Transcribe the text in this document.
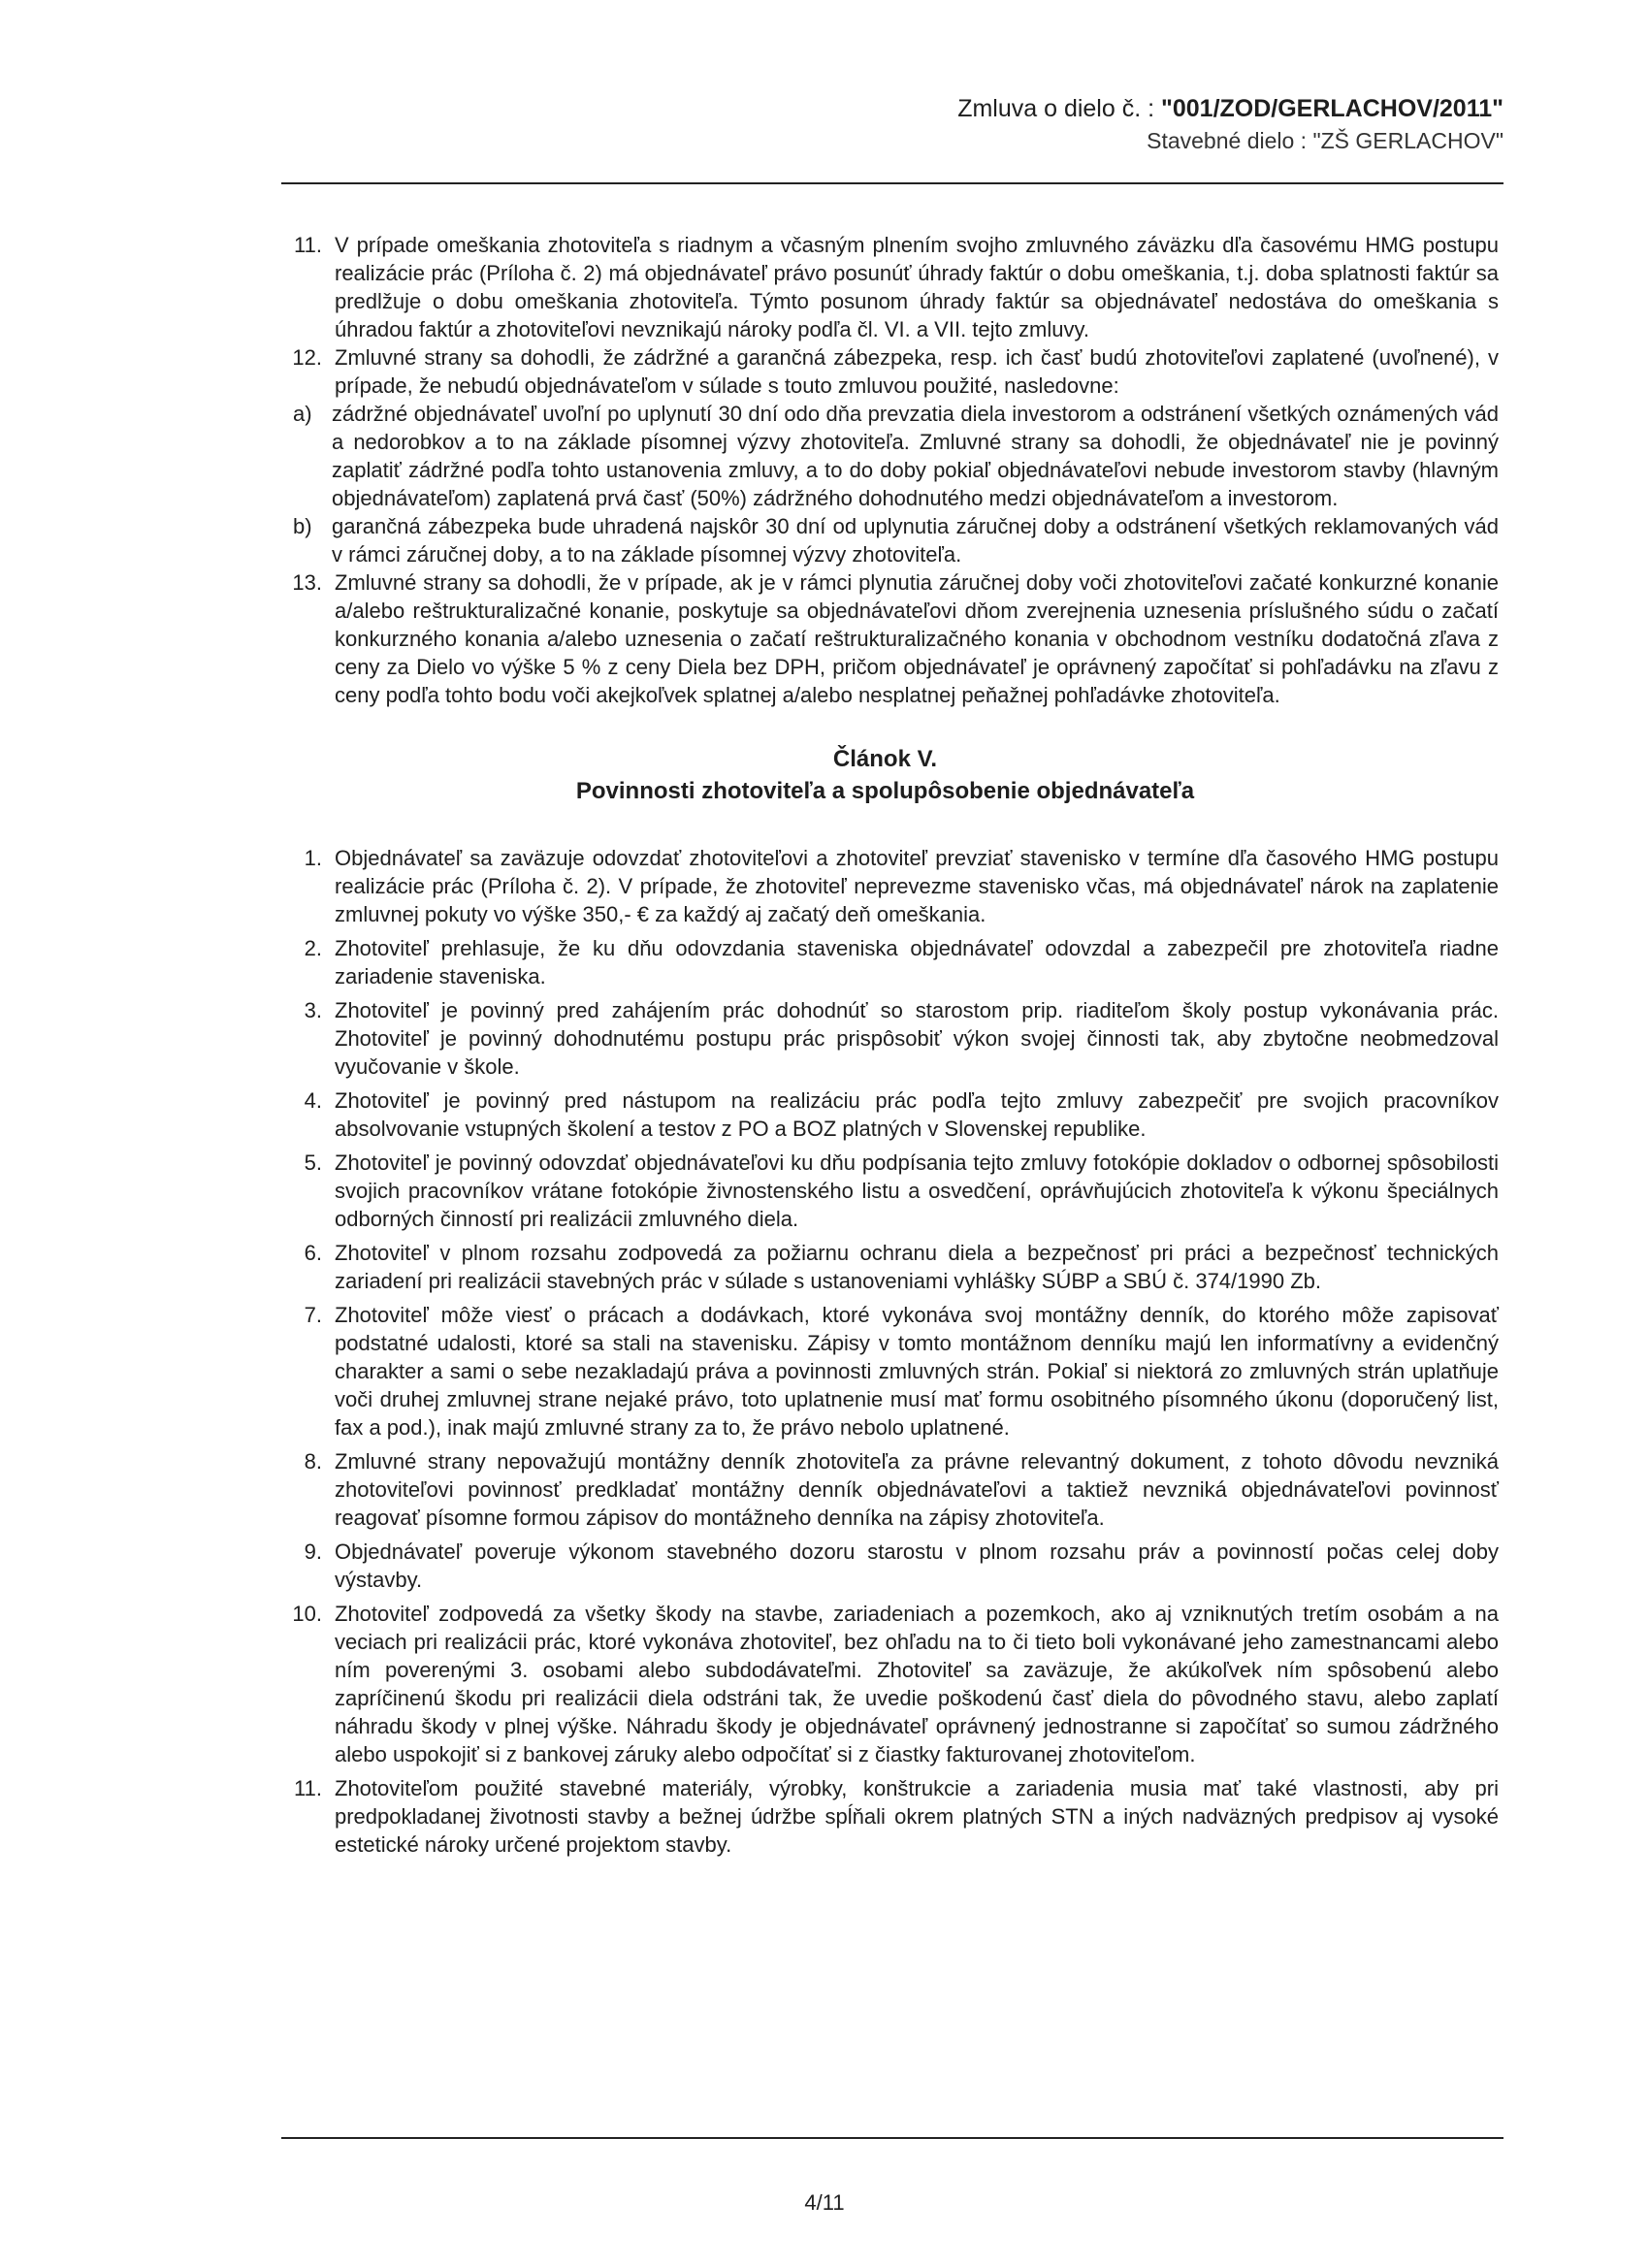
Zmluva o dielo č. : "001/ZOD/GERLACHOV/2011"
Stavebné dielo : "ZŠ GERLACHOV"
11. V prípade omeškania zhotoviteľa s riadnym a včasným plnením svojho zmluvného záväzku dľa časovému HMG postupu realizácie prác (Príloha č. 2) má objednávateľ právo posunúť úhrady faktúr o dobu omeškania, t.j. doba splatnosti faktúr sa predlžuje o dobu omeškania zhotoviteľa. Týmto posunom úhrady faktúr sa objednávateľ nedostáva do omeškania s úhradou faktúr a zhotoviteľovi nevznikajú nároky podľa čl. VI. a VII. tejto zmluvy.
12. Zmluvné strany sa dohodli, že zádržné a garančná zábezpeka, resp. ich časť budú zhotoviteľovi zaplatené (uvoľnené), v prípade, že nebudú objednávateľom v súlade s touto zmluvou použité, nasledovne:
a) zádržné objednávateľ uvoľní po uplynutí 30 dní odo dňa prevzatia diela investorom a odstránení všetkých oznámených vád a nedorobkov a to na základe písomnej výzvy zhotoviteľa. Zmluvné strany sa dohodli, že objednávateľ nie je povinný zaplatiť zádržné podľa tohto ustanovenia zmluvy, a to do doby pokiaľ objednávateľovi nebude investorom stavby (hlavným objednávateľom) zaplatená prvá časť (50%) zádržného dohodnutého medzi objednávateľom a investorom.
b) garančná zábezpeka bude uhradená najskôr 30 dní od uplynutia záručnej doby a odstránení všetkých reklamovaných vád v rámci záručnej doby, a to na základe písomnej výzvy zhotoviteľa.
13. Zmluvné strany sa dohodli, že v prípade, ak je v rámci plynutia záručnej doby voči zhotoviteľovi začaté konkurzné konanie a/alebo reštrukturalizačné konanie, poskytuje sa objednávateľovi dňom zverejnenia uznesenia príslušného súdu o začatí konkurzného konania a/alebo uznesenia o začatí reštrukturalizačného konania v obchodnom vestníku dodatočná zľava z ceny za Dielo vo výške 5 % z ceny Diela bez DPH, pričom objednávateľ je oprávnený započítať si pohľadávku na zľavu z ceny podľa tohto bodu voči akejkoľvek splatnej a/alebo nesplatnej peňažnej pohľadávke zhotoviteľa.
Článok V.
Povinnosti zhotoviteľa a spolupôsobenie objednávateľa
1. Objednávateľ sa zaväzuje odovzdať zhotoviteľovi a zhotoviteľ prevziať stavenisko v termíne dľa časového HMG postupu realizácie prác (Príloha č. 2). V prípade, že zhotoviteľ neprevezme stavenisko včas, má objednávateľ nárok na zaplatenie zmluvnej pokuty vo výške 350,- € za každý aj začatý deň omeškania.
2. Zhotoviteľ prehlasuje, že ku dňu odovzdania staveniska objednávateľ odovzdal a zabezpečil pre zhotoviteľa riadne zariadenie staveniska.
3. Zhotoviteľ je povinný pred zahájením prác dohodnúť so starostom prip. riaditeľom školy postup vykonávania prác. Zhotoviteľ je povinný dohodnutému postupu prác prispôsobiť výkon svojej činnosti tak, aby zbytočne neobmedzoval vyučovanie v škole.
4. Zhotoviteľ je povinný pred nástupom na realizáciu prác podľa tejto zmluvy zabezpečiť pre svojich pracovníkov absolvovanie vstupných školení a testov z PO a BOZ platných v Slovenskej republike.
5. Zhotoviteľ je povinný odovzdať objednávateľovi ku dňu podpísania tejto zmluvy fotokópie dokladov o odbornej spôsobilosti svojich pracovníkov vrátane fotokópie živnostenského listu a osvedčení, oprávňujúcich zhotoviteľa k výkonu špeciálnych odborných činností pri realizácii zmluvného diela.
6. Zhotoviteľ v plnom rozsahu zodpovedá za požiarnu ochranu diela a bezpečnosť pri práci a bezpečnosť technických zariadení pri realizácii stavebných prác v súlade s ustanoveniami vyhlášky SÚBP a SBÚ č. 374/1990 Zb.
7. Zhotoviteľ môže viesť o prácach a dodávkach, ktoré vykonáva svoj montážny denník, do ktorého môže zapisovať podstatné udalosti, ktoré sa stali na stavenisku. Zápisy v tomto montážnom denníku majú len informatívny a evidenčný charakter a sami o sebe nezakladajú práva a povinnosti zmluvných strán. Pokiaľ si niektorá zo zmluvných strán uplatňuje voči druhej zmluvnej strane nejaké právo, toto uplatnenie musí mať formu osobitného písomného úkonu (doporučený list, fax a pod.), inak majú zmluvné strany za to, že právo nebolo uplatnené.
8. Zmluvné strany nepovažujú montážny denník zhotoviteľa za právne relevantný dokument, z tohoto dôvodu nevzniká zhotoviteľovi povinnosť predkladať montážny denník objednávateľovi a taktiež nevzniká objednávateľovi povinnosť reagovať písomne formou zápisov do montážneho denníka na zápisy zhotoviteľa.
9. Objednávateľ poveruje výkonom stavebného dozoru starostu v plnom rozsahu práv a povinností počas celej doby výstavby.
10. Zhotoviteľ zodpovedá za všetky škody na stavbe, zariadeniach a pozemkoch, ako aj vzniknutých tretím osobám a na veciach pri realizácii prác, ktoré vykonáva zhotoviteľ, bez ohľadu na to či tieto boli vykonávané jeho zamestnancami alebo ním poverenými 3. osobami alebo subdodávateľmi. Zhotoviteľ sa zaväzuje, že akúkoľvek ním spôsobenú alebo zapríčinenú škodu pri realizácii diela odstráni tak, že uvedie poškodenú časť diela do pôvodného stavu, alebo zaplatí náhradu škody v plnej výške. Náhradu škody je objednávateľ oprávnený jednostranne si započítať so sumou zádržného alebo uspokojiť si z bankovej záruky alebo odpočítať si z čiastky fakturovanej zhotoviteľom.
11. Zhotoviteľom použité stavebné materiály, výrobky, konštrukcie a zariadenia musia mať také vlastnosti, aby pri predpokladanej životnosti stavby a bežnej údržbe spĺňali okrem platných STN a iných nadväzných predpisov aj vysoké estetické nároky určené projektom stavby.
4/11
